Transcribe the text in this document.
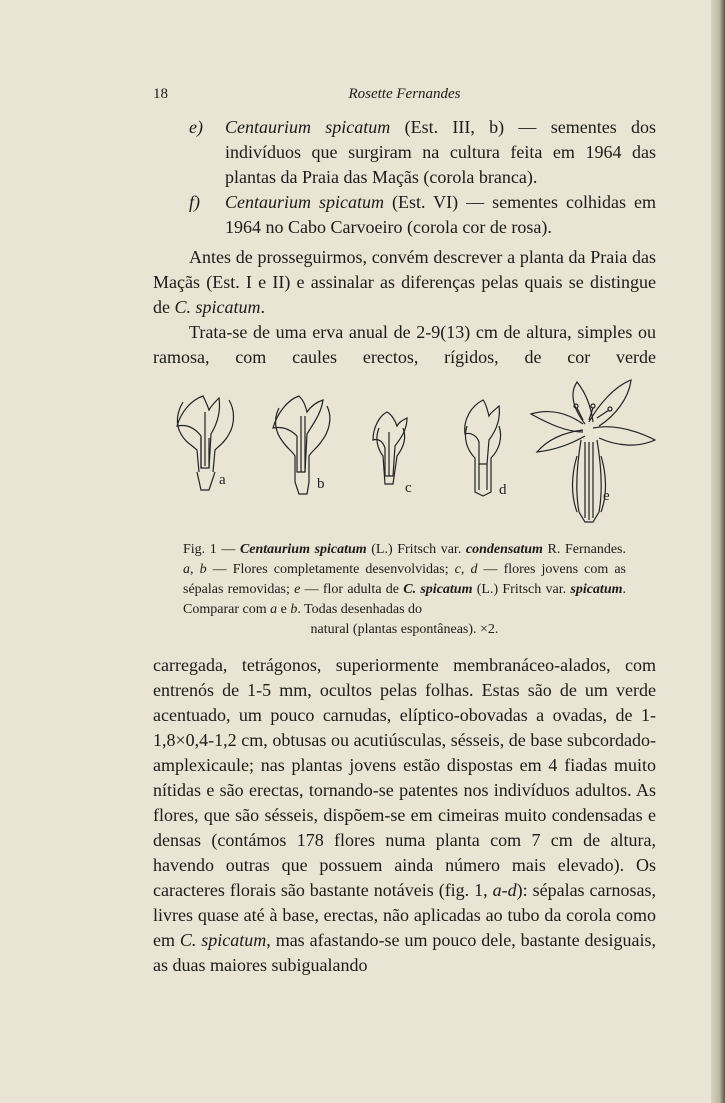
18	Rosette Fernandes

e) Centaurium spicatum (Est. III, b) — sementes dos indivíduos que surgiram na cultura feita em 1964 das plantas da Praia das Maçãs (corola branca).

f) Centaurium spicatum (Est. VI) — sementes colhidas em 1964 no Cabo Carvoeiro (corola cor de rosa).

Antes de prosseguirmos, convém descrever a planta da Praia das Maçãs (Est. I e II) e assinalar as diferenças pelas quais se distingue de C. spicatum.

Trata-se de uma erva anual de 2-9(13) cm de altura, simples ou ramosa, com caules erectos, rígidos, de cor verde

a	b	c	d	e
Fig. 1 — Centaurium spicatum (L.) Fritsch var. condensatum R. Fernandes. a, b — Flores completamente desenvolvidas; c, d — flores jovens com as sépalas removidas; e — flor adulta de C. spicatum (L.) Fritsch var. spicatum. Comparar com a e b. Todas desenhadas do
natural (plantas espontâneas). ×2.

carregada, tetrágonos, superiormente membranáceo-alados, com entrenós de 1-5 mm, ocultos pelas folhas. Estas são de um verde acentuado, um pouco carnudas, elíptico-obovadas a ovadas, de 1-1,8×0,4-1,2 cm, obtusas ou acutiúsculas, sésseis, de base subcordado-amplexicaule; nas plantas jovens estão dispostas em 4 fiadas muito nítidas e são erectas, tornando-se patentes nos indivíduos adultos. As flores, que são sésseis, dispõem-se em cimeiras muito condensadas e densas (contámos 178 flores numa planta com 7 cm de altura, havendo outras que possuem ainda número mais elevado). Os caracteres florais são bastante notáveis (fig. 1, a-d): sépalas carnosas, livres quase até à base, erectas, não aplicadas ao tubo da corola como em C. spicatum, mas afastando-se um pouco dele, bastante desiguais, as duas maiores subigualando
